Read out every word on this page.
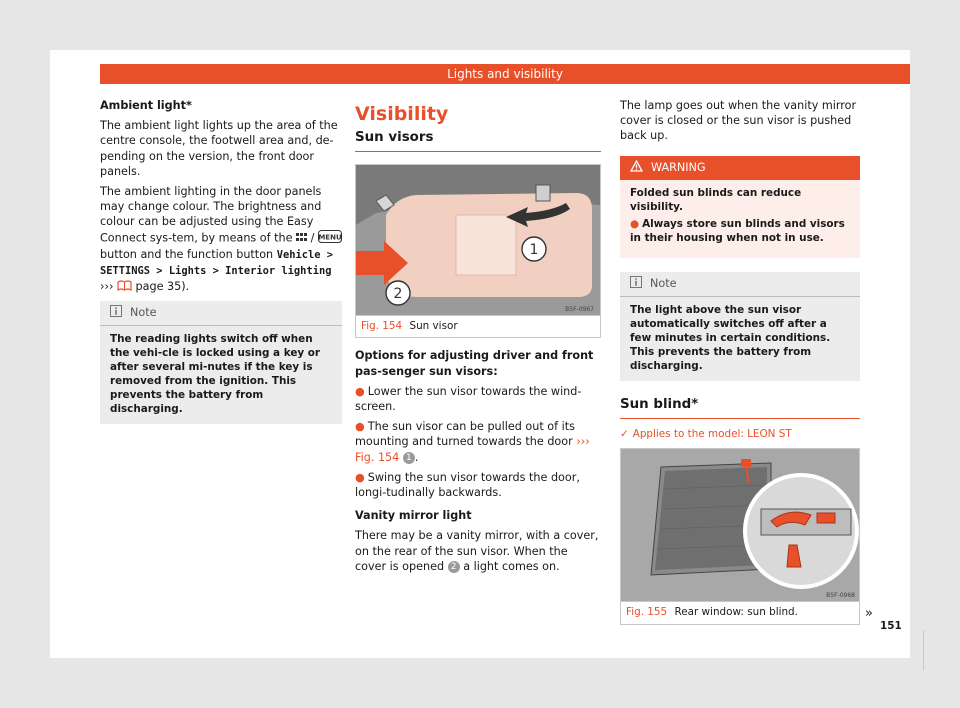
Lights and visibility

Ambient light*

The ambient light lights up the area of the centre console, the footwell area and, de-pending on the version, the front door panels.

The ambient lighting in the door panels may change colour. The brightness and colour can be adjusted using the Easy Connect sys-tem, by means of the / MENU
button and the function button Vehicle > SETTINGS > Lights > Interior lighting
››› page 35).

Note
The reading lights switch off when the vehi-cle is locked using a key or after several mi-nutes if the key is removed from the ignition. This prevents the battery from discharging.
Visibility
Sun visors
1
2
B5F-0967
Fig. 154 Sun visor

Options for adjusting driver and front pas-senger sun visors:

● Lower the sun visor towards the wind-screen.

● The sun visor can be pulled out of its mounting and turned towards the door ››› Fig. 154 1 .

● Swing the sun visor towards the door, longi-tudinally backwards.

Vanity mirror light

There may be a vanity mirror, with a cover, on the rear of the sun visor. When the cover is opened 2 a light comes on.

The lamp goes out when the vanity mirror cover is closed or the sun visor is pushed back up.

WARNING

Folded sun blinds can reduce visibility.

● Always store sun blinds and visors in their housing when not in use.

Note
The light above the sun visor automatically switches off after a few minutes in certain conditions. This prevents the battery from discharging.
Sun blind*

✓ Applies to the model: LEON ST

B5F-0968
Fig. 155 Rear window: sun blind.	»
151
